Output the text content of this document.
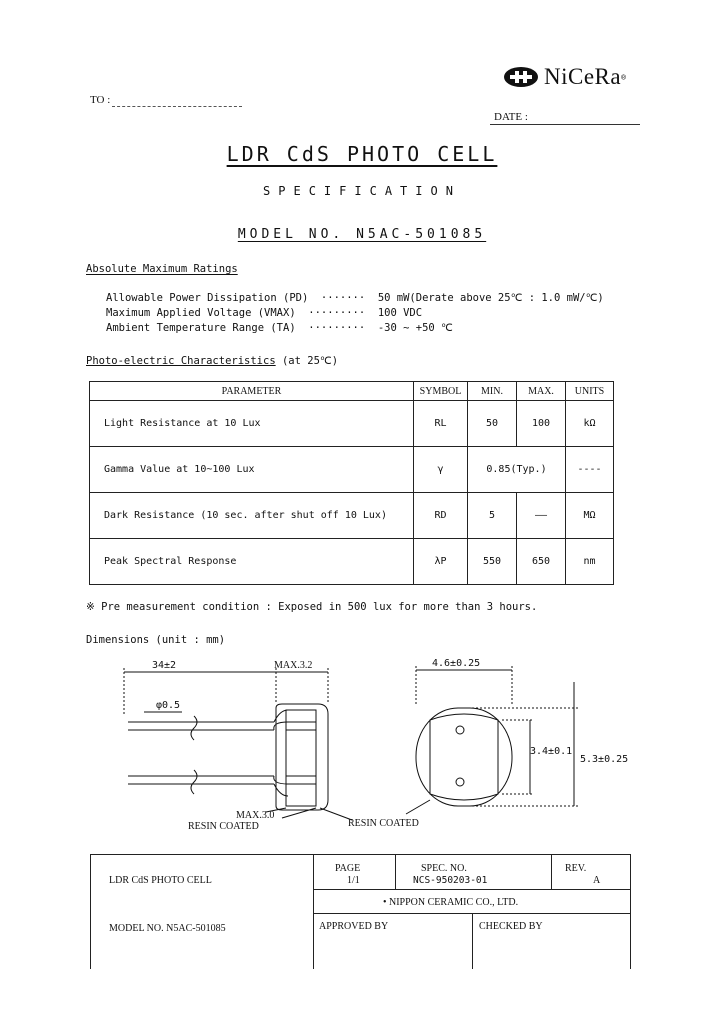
NiCeRa ®
TO :
DATE :
LDR CdS PHOTO CELL
SPECIFICATION
MODEL NO. N5AC-501085
Absolute Maximum Ratings
Allowable Power Dissipation (PD)  ·······  50 mW(Derate above 25℃ : 1.0 mW/℃)
Maximum Applied Voltage (VMAX)  ·········  100 VDC
Ambient Temperature Range (TA)  ·········  -30 ~ +50 ℃
Photo-electric Characteristics (at 25℃)
PARAMETER	SYMBOL	MIN.	MAX.	UNITS
Light Resistance at 10 Lux	RL	50	100	kΩ
Gamma Value at 10~100 Lux	γ	0.85(Typ.)		----
Dark Resistance (10 sec. after shut off 10 Lux)	RD	5	——	MΩ
Peak Spectral Response	λP	550	650	nm
※ Pre measurement condition : Exposed in 500 lux for more than 3 hours.
Dimensions (unit : mm)
34±2	MAX.3.2
φ0.5
MAX.3.0
RESIN COATED	RESIN COATED
4.6±0.25
3.4±0.1
5.3±0.25
LDR CdS PHOTO CELL
MODEL NO. N5AC-501085
PAGE
1/1
SPEC. NO.
NCS-950203-01
REV.
A
• NIPPON CERAMIC CO., LTD.
APPROVED BY	CHECKED BY
